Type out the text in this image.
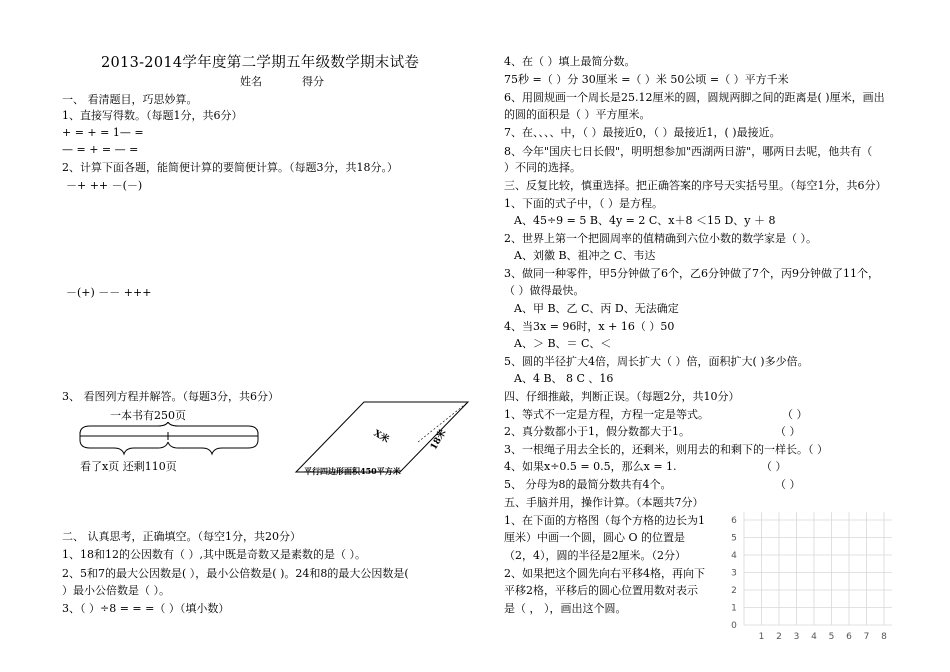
2013-2014学年度第二学期五年级数学期末试卷
姓名	得分
一、 看清题目，巧思妙算。
1、直接写得数。（每题1分，共6分）
+ = + = 1— =
— = + = — =
2、计算下面各题，能简便计算的要简便计算。（每题3分，共18分。）
－+ ++ －(－)
－(+) －－ +++
3、 看图列方程并解答。（每题3分，共6分）
一本书有250页
看了x页 还剩110页
X米	18米
平行四边形面积450平方米
二、 认真思考，正确填空。（每空1分，共20分）
1、18和12的公因数有（ ）,其中既是奇数又是素数的是（ ）。
2、5和7的最大公因数是( ），最小公倍数是( )。24和8的最大公因数是(
）最小公倍数是（ ）。
3、（ ）÷8 = = =（ ）（填小数）
4、在（ ）填上最简分数。
75秒 =（ ）分 30厘米 =（ ）米 50公顷 =（ ）平方千米
6、用圆规画一个周长是25.12厘米的圆，圆规两脚之间的距离是( )厘米，画出
的圆的面积是（ ）平方厘米。
7、在、、、、中，（ ）最接近0，（ ）最接近1，( )最接近。
8、今年"国庆七日长假"，明明想参加"西湖两日游"，哪两日去呢，他共有（
）不同的选择。
三、反复比较，慎重选择。把正确答案的序号天实括号里。（每空1分，共6分）
1、下面的式子中，（ ）是方程。
A、45÷9 = 5 B、4y = 2 C、x＋8 ＜15 D、y ＋ 8
2、世界上第一个把圆周率的值精确到六位小数的数学家是（ ）。
A、刘徽 B、祖冲之 C、韦达
3、做同一种零件，甲5分钟做了6个，乙6分钟做了7个，丙9分钟做了11个，
（ ）做得最快。
A、甲 B、乙 C、丙 D、无法确定
4、当3x = 96时，x + 16（ ）50
A、＞ B、＝ C、＜
5、圆的半径扩大4倍，周长扩大（ ）倍，面积扩大( )多少倍。
A、4 B、 8 C 、16
四、仔细推敲，判断正误。（每题2分，共10分）
1、等式不一定是方程，方程一定是等式。	（ ）
2、真分数都小于1，假分数都大于1。	（ ）
3、一根绳子用去全长的，还剩米，则用去的和剩下的一样长。（ ）
4、如果x÷0.5 = 0.5，那么x = 1.	（ ）
5、 分母为8的最简分数共有4个。	（ ）
五、手脑并用，操作计算。（本题共7分）
1、在下面的方格图（每个方格的边长为1
厘米）中画一个圆，圆心 O 的位置是
（2，4），圆的半径是2厘米。（2分）
2、如果把这个圆先向右平移4格，再向下
平移2格，平移后的圆心位置用数对表示
是（ ， ），画出这个圆。
1 2 3 4 5 6 7 8
0
1
2
3
4
5
6
